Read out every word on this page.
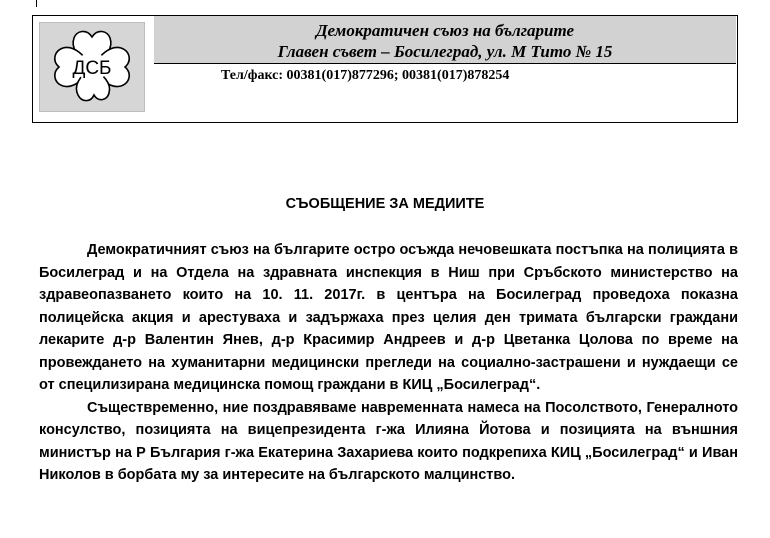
ДСБ
Демократичен съюз на българите
Главен съвет – Босилеград, ул. М Тито № 15
Тел/факс: 00381(017)877296; 00381(017)878254
СЪОБЩЕНИЕ ЗА МЕДИИТЕ

Демократичният съюз на българите остро осъжда нечовешката постъпка на полицията в Босилеград и на Отдела на здравната инспекция в Ниш при Сръбското министерство на здравеопазването които на 10. 11. 2017г. в центъра на Босилеград проведоха показна полицейска акция и арестуваха и задържаха през целия ден тримата български граждани лекарите д-р Валентин Янев, д-р Красимир Андреев и д-р Цветанка Цолова по време на провеждането на хуманитарни медицински прегледи на социално-застрашени и нуждаещи се от специлизирана медицинска помощ граждани в КИЦ „Босилеград“.

Съществременно, ние поздравяваме навременната намеса на Посолството, Генералното консулство, позицията на вицепрезидента г-жа Илияна Йотова и позицията на външния министър на Р България г-жа Екатерина Захариева които подкрепиха КИЦ „Босилеград“ и Иван Николов в борбата му за интересите на българското малцинство.
